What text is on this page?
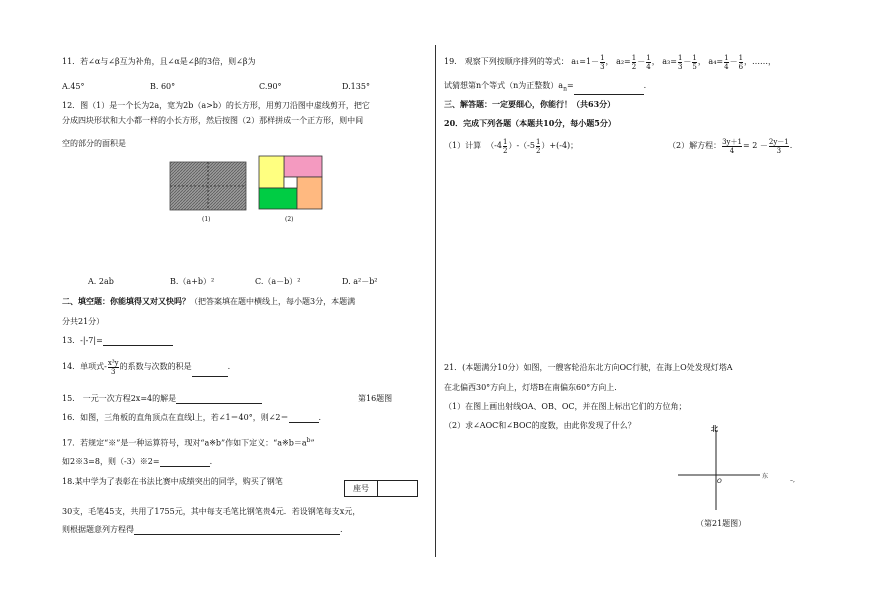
11．若∠α与∠β互为补角，且∠α是∠β的3倍，则∠β为
A.45°	B. 60°	C.90°	D.135°
12．图（1）是一个长为2a，宽为2b（a>b）的长方形，用剪刀沿图中虚线剪开，把它
分成四块形状和大小都一样的小长方形，然后按图（2）那样拼成一个正方形，则中间
空的部分的面积是
(1)	(2)
A. 2ab	B.（a+b）²	C.（a－b）²	D. a²－b²
二、填空题：你能填得又对又快吗？（把答案填在题中横线上，每小题3分，本题满
分共21分）
13．-|-7|=
14．单项式- $\frac{\text{x³y}}{3}$ 的系数与次数的积是	.
15.　一元一次方程2x=4的解是	第16题图
16．如图，三角板的直角顶点在直线l上，若∠1＝40°，则∠2＝	.
17．若规定“※”是一种运算符号，现对“a※b”作如下定义：“$a※b=a^b$”
如2※3=8，则（-3）※2=	.
18.某中学为了表彰在书法比赛中成绩突出的同学，购买了钢笔
座号
30支，毛笔45支，共用了1755元，其中每支毛笔比钢笔贵4元．若设钢笔每支x元，
则根据题意列方程得	.
19.　观察下列按顺序排列的等式： $a_1=1- \frac{1}{3}$ ， $a_2= \frac{1}{2} - \frac{1}{4}$ ， $a_3= \frac{1}{3} - \frac{1}{5}$ ， $a_4= \frac{1}{4} - \frac{1}{6}$ ，……，
试猜想第n个等式（n为正整数）$a_n=$	.
三、解答题：一定要细心，你能行！（共63分）
20．完成下列各题（本题共10分，每小题5分）
（1）计算 $(-4 \frac{1}{2} )-(-5 \frac{1}{2} )+(-4)$；	（2）解方程： $\frac{3y+1}{4} = 2 - \frac{2y-1}{3}$ .
21．(本题满分10分）如图，一艘客轮沿东北方向OC行驶，在海上O处发现灯塔A
在北偏西30°方向上，灯塔B在南偏东60°方向上．
（1）在图上画出射线OA、OB、OC，并在图上标出它们的方位角；
（2）求∠AOC和∠BOC的度数，由此你发现了什么？	北
东
O	–,
（第21题图）
